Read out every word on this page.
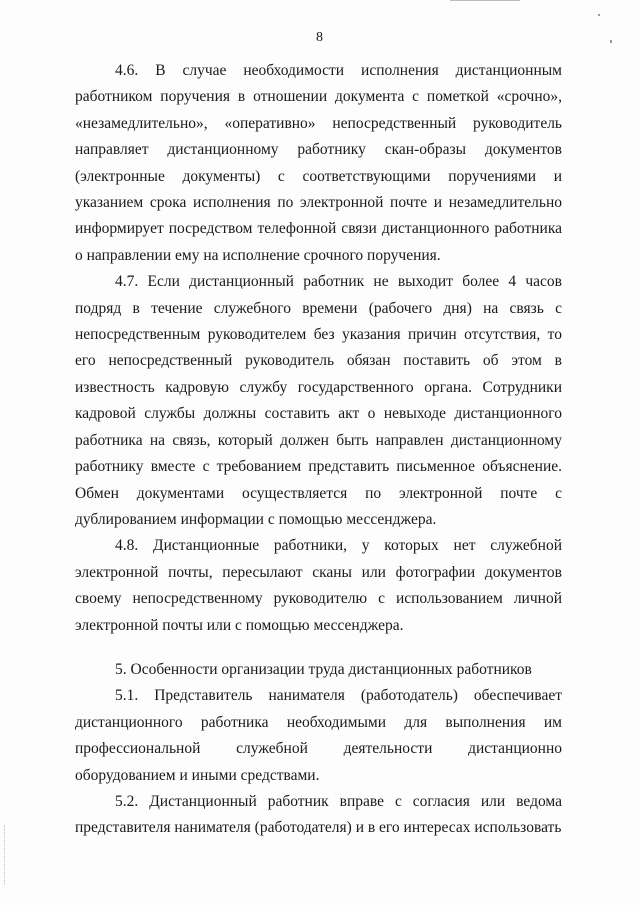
8

4.6. В случае необходимости исполнения дистанционным работником поручения в отношении документа с пометкой «срочно», «незамедлительно», «оперативно» непосредственный руководитель направляет дистанционному работнику скан-образы документов (электронные документы) с соответствующими поручениями и указанием срока исполнения по электронной почте и незамедлительно информирует посредством телефонной связи дистанционного работника о направлении ему на исполнение срочного поручения.

4.7. Если дистанционный работник не выходит более 4 часов подряд в течение служебного времени (рабочего дня) на связь с непосредственным руководителем без указания причин отсутствия, то его непосредственный руководитель обязан поставить об этом в известность кадровую службу государственного органа. Сотрудники кадровой службы должны составить акт о невыходе дистанционного работника на связь, который должен быть направлен дистанционному работнику вместе с требованием представить письменное объяснение. Обмен документами осуществляется по электронной почте с дублированием информации с помощью мессенджера.

4.8. Дистанционные работники, у которых нет служебной электронной почты, пересылают сканы или фотографии документов своему непосредственному руководителю с использованием личной электронной почты или с помощью мессенджера.

5. Особенности организации труда дистанционных работников

5.1. Представитель нанимателя (работодатель) обеспечивает дистанционного работника необходимыми для выполнения им профессиональной служебной деятельности дистанционно оборудованием и иными средствами.

5.2. Дистанционный работник вправе с согласия или ведома представителя нанимателя (работодателя) и в его интересах использовать
